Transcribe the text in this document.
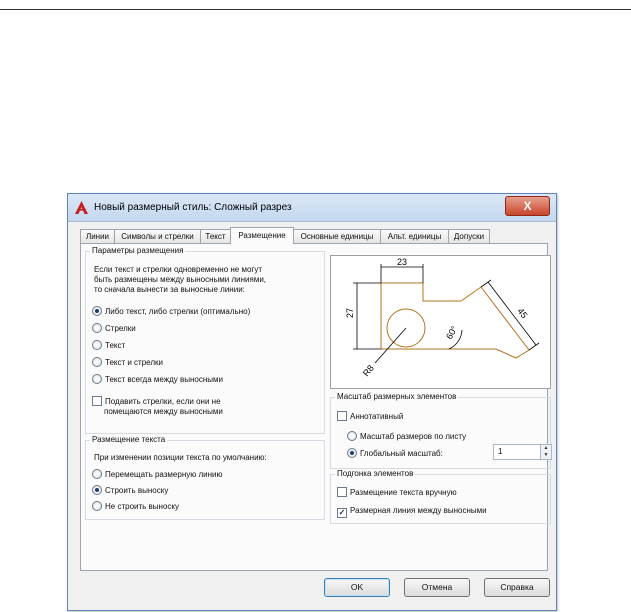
Новый размерный стиль: Сложный разрез	X
Линии	Символы и стрелки	Текст	Размещение	Основные единицы	Альт. единицы	Допуски
Параметры размещения
Если текст и стрелки одновременно не могут
быть размещены между выносными линиями,
то сначала вынести за выносные линии:
Либо текст, либо стрелки (оптимально)
Стрелки
Текст
Текст и стрелки
Текст всегда между выносными
Подавить стрелки, если они не
помещаются между выносными
Размещение текста
При изменении позиции текста по умолчанию:
Перемещать размерную линию
Строить выноску
Не строить выноску
23
27	45
60°
R8
Масштаб размерных элементов
Аннотативный
Масштаб размеров по листу
Глобальный масштаб:	1	▲
▼
Подгонка элементов
Размещение текста вручную
✓ Размерная линия между выносными
OK	Отмена	Справка
